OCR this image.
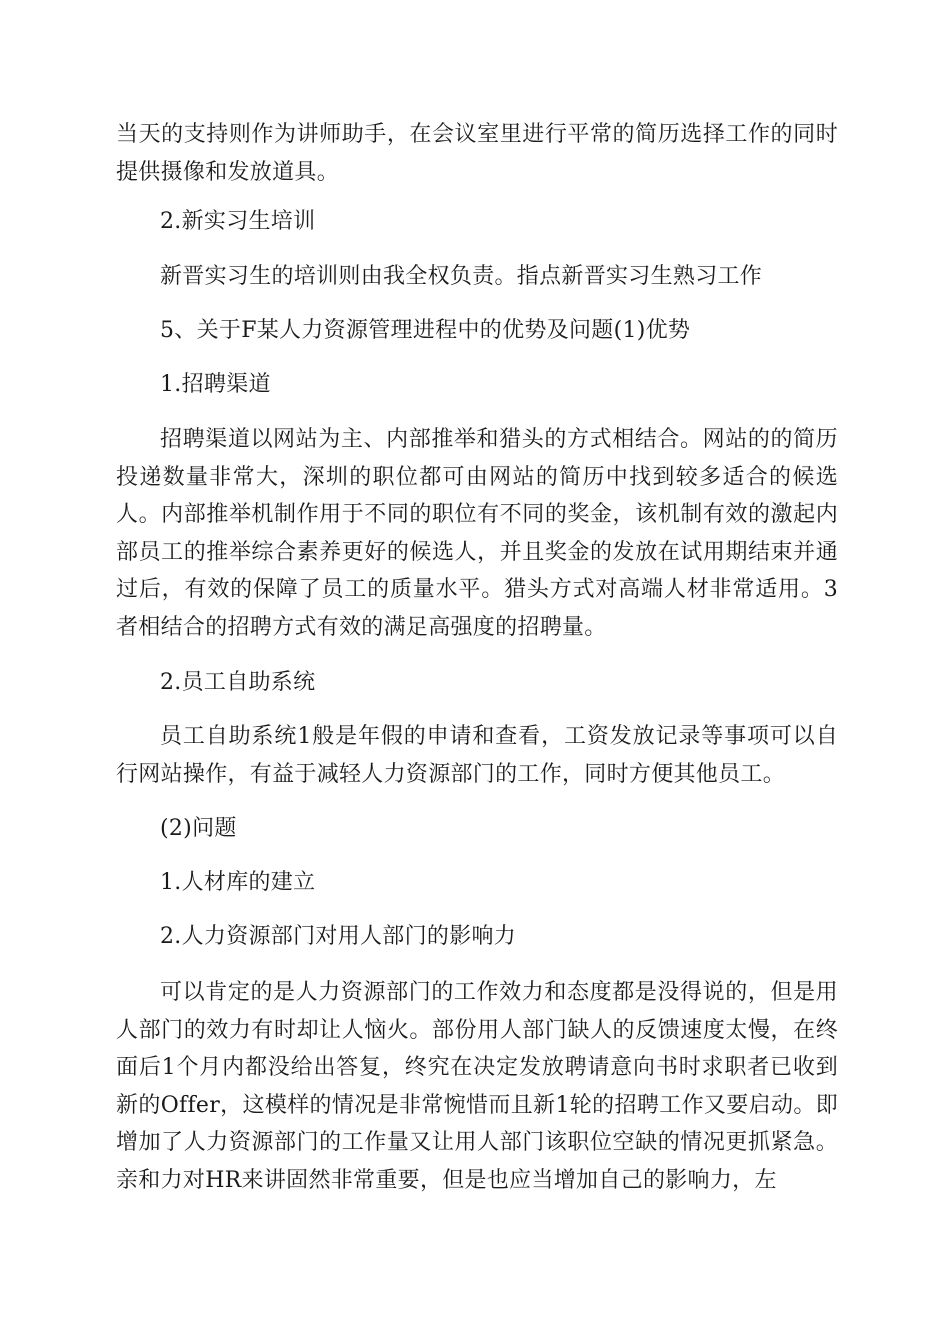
当天的支持则作为讲师助手，在会议室里进行平常的简历选择工作的同时提供摄像和发放道具。

2.新实习生培训

新晋实习生的培训则由我全权负责。指点新晋实习生熟习工作

5、关于F某人力资源管理进程中的优势及问题(1)优势

1.招聘渠道

招聘渠道以网站为主、内部推举和猎头的方式相结合。网站的的简历投递数量非常大，深圳的职位都可由网站的简历中找到较多适合的候选人。内部推举机制作用于不同的职位有不同的奖金，该机制有效的激起内部员工的推举综合素养更好的候选人，并且奖金的发放在试用期结束并通过后，有效的保障了员工的质量水平。猎头方式对高端人材非常适用。3者相结合的招聘方式有效的满足高强度的招聘量。

2.员工自助系统

员工自助系统1般是年假的申请和查看，工资发放记录等事项可以自行网站操作，有益于减轻人力资源部门的工作，同时方便其他员工。

(2)问题

1.人材库的建立

2.人力资源部门对用人部门的影响力

可以肯定的是人力资源部门的工作效力和态度都是没得说的，但是用人部门的效力有时却让人恼火。部份用人部门缺人的反馈速度太慢，在终面后1个月内都没给出答复，终究在决定发放聘请意向书时求职者已收到新的Offer，这模样的情况是非常惋惜而且新1轮的招聘工作又要启动。即增加了人力资源部门的工作量又让用人部门该职位空缺的情况更抓紧急。亲和力对HR来讲固然非常重要，但是也应当增加自己的影响力，左
